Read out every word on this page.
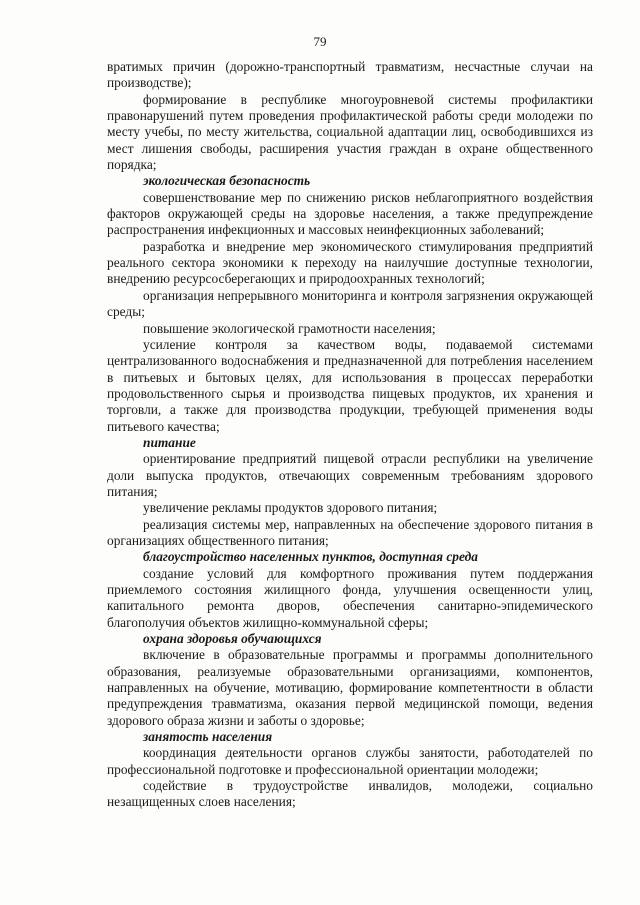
79

вратимых причин (дорожно-транспортный травматизм, несчастные случаи на производстве);

формирование в республике многоуровневой системы профилактики правонарушений путем проведения профилактической работы среди молодежи по месту учебы, по месту жительства, социальной адаптации лиц, освободившихся из мест лишения свободы, расширения участия граждан в охране общественного порядка;

экологическая безопасность

совершенствование мер по снижению рисков неблагоприятного воздействия факторов окружающей среды на здоровье населения, а также предупреждение распространения инфекционных и массовых неинфекционных заболеваний;

разработка и внедрение мер экономического стимулирования предприятий реального сектора экономики к переходу на наилучшие доступные технологии, внедрению ресурсосберегающих и природоохранных технологий;

организация непрерывного мониторинга и контроля загрязнения окружающей среды;

повышение экологической грамотности населения;

усиление контроля за качеством воды, подаваемой системами централизованного водоснабжения и предназначенной для потребления населением в питьевых и бытовых целях, для использования в процессах переработки продовольственного сырья и производства пищевых продуктов, их хранения и торговли, а также для производства продукции, требующей применения воды питьевого качества;

питание

ориентирование предприятий пищевой отрасли республики на увеличение доли выпуска продуктов, отвечающих современным требованиям здорового питания;

увеличение рекламы продуктов здорового питания;

реализация системы мер, направленных на обеспечение здорового питания в организациях общественного питания;

благоустройство населенных пунктов, доступная среда

создание условий для комфортного проживания путем поддержания приемлемого состояния жилищного фонда, улучшения освещенности улиц, капитального ремонта дворов, обеспечения санитарно-эпидемического благополучия объектов жилищно-коммунальной сферы;

охрана здоровья обучающихся

включение в образовательные программы и программы дополнительного образования, реализуемые образовательными организациями, компонентов, направленных на обучение, мотивацию, формирование компетентности в области предупреждения травматизма, оказания первой медицинской помощи, ведения здорового образа жизни и заботы о здоровье;

занятость населения

координация деятельности органов службы занятости, работодателей по профессиональной подготовке и профессиональной ориентации молодежи;

содействие в трудоустройстве инвалидов, молодежи, социально незащищенных слоев населения;
